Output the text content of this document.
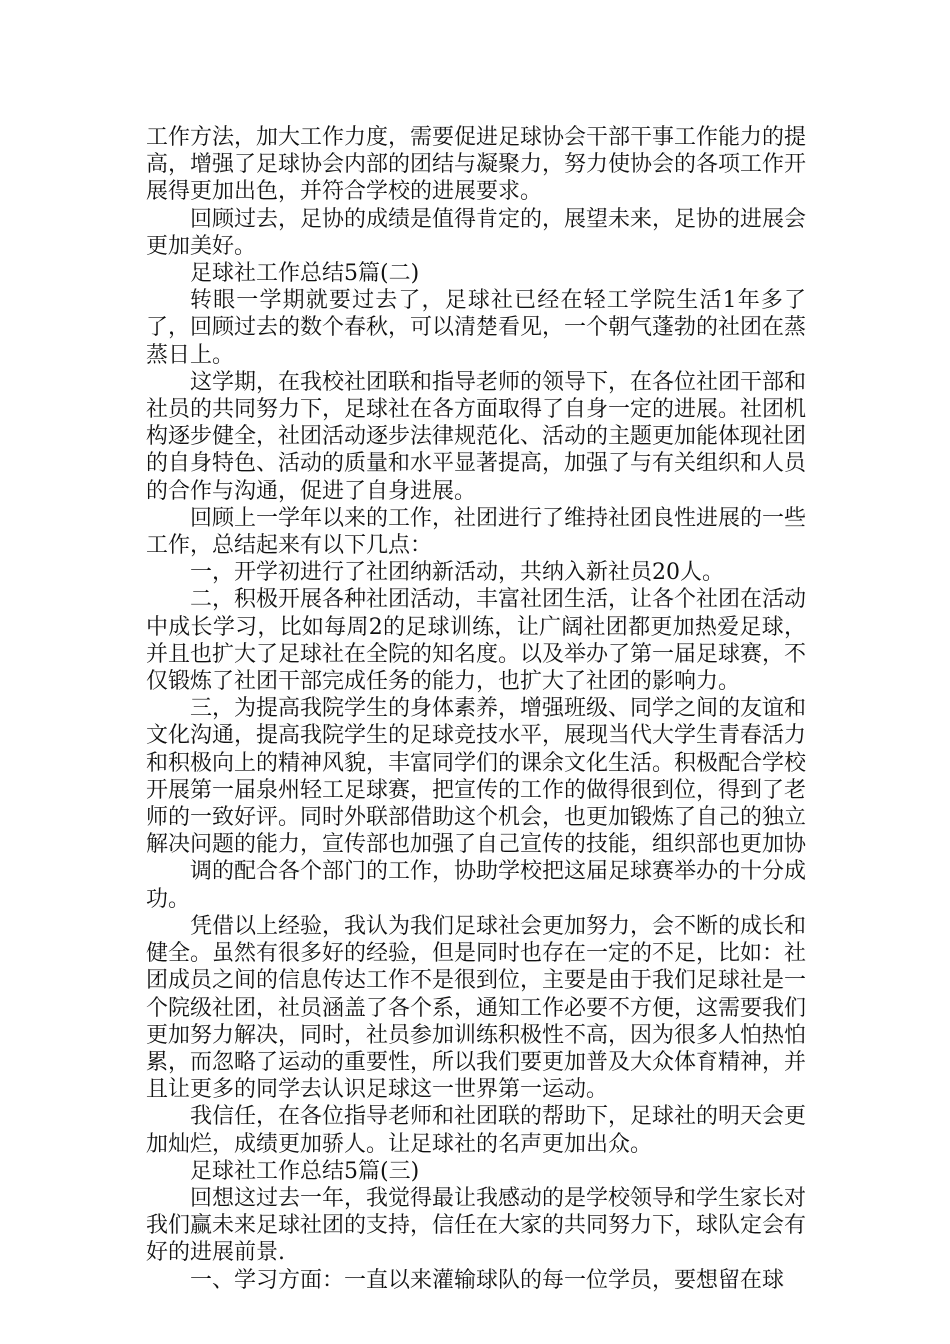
工作方法，加大工作力度，需要促进足球协会干部干事工作能力的提高，增强了足球协会内部的团结与凝聚力，努力使协会的各项工作开展得更加出色，并符合学校的进展要求。

回顾过去，足协的成绩是值得肯定的，展望未来，足协的进展会更加美好。

足球社工作总结5篇(二)

转眼一学期就要过去了，足球社已经在轻工学院生活1年多了了，回顾过去的数个春秋，可以清楚看见，一个朝气蓬勃的社团在蒸蒸日上。

这学期，在我校社团联和指导老师的领导下，在各位社团干部和社员的共同努力下，足球社在各方面取得了自身一定的进展。社团机构逐步健全，社团活动逐步法律规范化、活动的主题更加能体现社团的自身特色、活动的质量和水平显著提高，加强了与有关组织和人员的合作与沟通，促进了自身进展。

回顾上一学年以来的工作，社团进行了维持社团良性进展的一些工作，总结起来有以下几点：

一，开学初进行了社团纳新活动，共纳入新社员20人。

二，积极开展各种社团活动，丰富社团生活，让各个社团在活动中成长学习，比如每周2的足球训练，让广阔社团都更加热爱足球，并且也扩大了足球社在全院的知名度。以及举办了第一届足球赛，不仅锻炼了社团干部完成任务的能力，也扩大了社团的影响力。

三，为提高我院学生的身体素养，增强班级、同学之间的友谊和文化沟通，提高我院学生的足球竞技水平，展现当代大学生青春活力和积极向上的精神风貌，丰富同学们的课余文化生活。积极配合学校开展第一届泉州轻工足球赛，把宣传的工作的做得很到位，得到了老师的一致好评。同时外联部借助这个机会，也更加锻炼了自己的独立解决问题的能力，宣传部也加强了自己宣传的技能，组织部也更加协

调的配合各个部门的工作，协助学校把这届足球赛举办的十分成功。

凭借以上经验，我认为我们足球社会更加努力，会不断的成长和健全。虽然有很多好的经验，但是同时也存在一定的不足，比如：社团成员之间的信息传达工作不是很到位，主要是由于我们足球社是一个院级社团，社员涵盖了各个系，通知工作必要不方便，这需要我们更加努力解决，同时，社员参加训练积极性不高，因为很多人怕热怕累，而忽略了运动的重要性，所以我们要更加普及大众体育精神，并且让更多的同学去认识足球这一世界第一运动。

我信任，在各位指导老师和社团联的帮助下，足球社的明天会更加灿烂，成绩更加骄人。让足球社的名声更加出众。

足球社工作总结5篇(三)

回想这过去一年，我觉得最让我感动的是学校领导和学生家长对我们赢未来足球社团的支持，信任在大家的共同努力下，球队定会有好的进展前景.

一、学习方面：一直以来灌输球队的每一位学员，要想留在球
